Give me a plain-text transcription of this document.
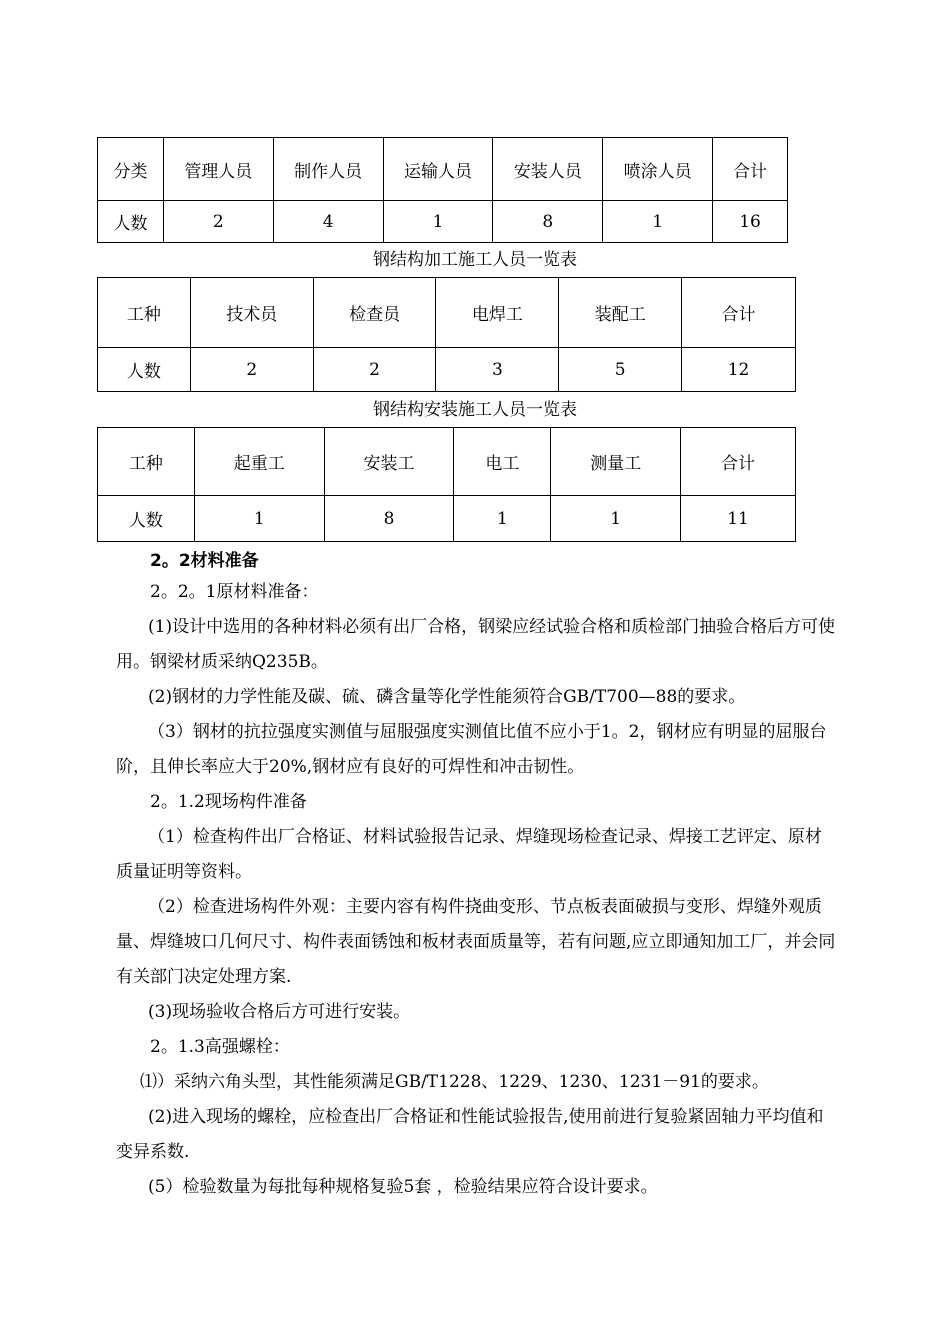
分类	管理人员	制作人员	运输人员	安装人员	喷涂人员	合计
人数	2	4	1	8	1	16
钢结构加工施工人员一览表
工种	技术员	检查员	电焊工	装配工	合计
人数	2	2	3	5	12
钢结构安装施工人员一览表
工种	起重工	安装工	电工	测量工	合计
人数	1	8	1	1	11
2。2材料准备
2。2。1原材料准备：
(1)设计中选用的各种材料必须有出厂合格，钢梁应经试验合格和质检部门抽验合格后方可使用。钢梁材质采纳Q235B。
(2)钢材的力学性能及碳、硫、磷含量等化学性能须符合GB/T700—88的要求。
（3）钢材的抗拉强度实测值与屈服强度实测值比值不应小于1。2，钢材应有明显的屈服台阶，且伸长率应大于20%,钢材应有良好的可焊性和冲击韧性。
2。1.2现场构件准备
（1）检查构件出厂合格证、材料试验报告记录、焊缝现场检查记录、焊接工艺评定、原材质量证明等资料。
（2）检查进场构件外观：主要内容有构件挠曲变形、节点板表面破损与变形、焊缝外观质量、焊缝坡口几何尺寸、构件表面锈蚀和板材表面质量等，若有问题,应立即通知加工厂，并会同有关部门决定处理方案.
(3)现场验收合格后方可进行安装。
2。1.3高强螺栓：
⑴）采纳六角头型，其性能须满足GB/T1228、1229、1230、1231－91的要求。
(2)进入现场的螺栓，应检查出厂合格证和性能试验报告,使用前进行复验紧固轴力平均值和变异系数.
(5）检验数量为每批每种规格复验5套 ，检验结果应符合设计要求。
